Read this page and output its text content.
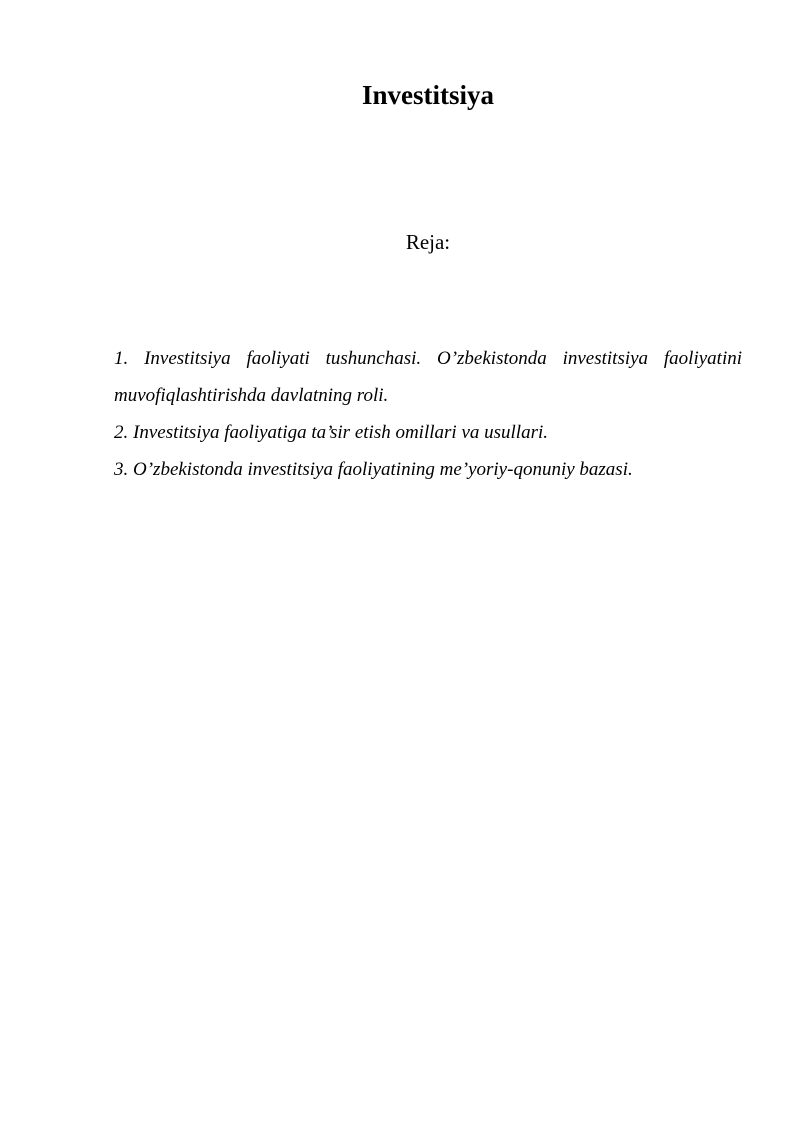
Investitsiya
Reja:

1. Investitsiya faoliyati tushunchasi. O’zbekistonda investitsiya faoliyatini muvofiqlashtirishda davlatning roli.

2. Investitsiya faoliyatiga ta’sir etish omillari va usullari.

3. O’zbekistonda investitsiya faoliyatining me’yoriy-qonuniy bazasi.
